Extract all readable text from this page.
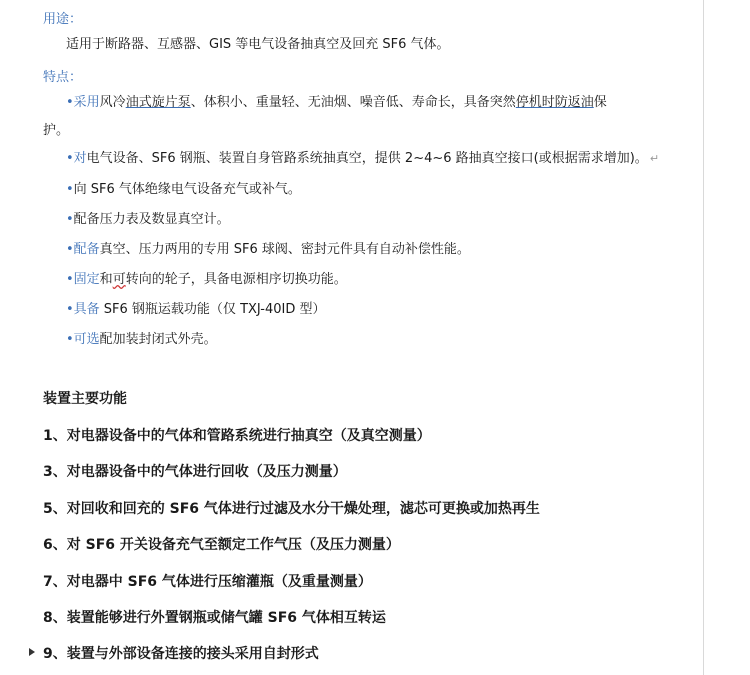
用途：
适用于断路器、互感器、GIS 等电气设备抽真空及回充 SF6 气体。
特点：
•采用风冷油式旋片泵、体积小、重量轻、无油烟、噪音低、寿命长，具备突然停机时防返油保
护。
•对电气设备、SF6 钢瓶、装置自身管路系统抽真空，提供 2~4~6 路抽真空接口(或根据需求增加)。 ↵
•向 SF6 气体绝缘电气设备充气或补气。
•配备压力表及数显真空计。
•配备真空、压力两用的专用 SF6 球阀、密封元件具有自动补偿性能。
•固定和可转向的轮子，具备电源相序切换功能。
•具备 SF6 钢瓶运载功能（仅 TXJ-40ID 型）
•可选配加装封闭式外壳。
装置主要功能
1、对电器设备中的气体和管路系统进行抽真空（及真空测量）
3、对电器设备中的气体进行回收（及压力测量）
5、对回收和回充的 SF6 气体进行过滤及水分干燥处理，滤芯可更换或加热再生
6、对 SF6 开关设备充气至额定工作气压（及压力测量）
7、对电器中 SF6 气体进行压缩灌瓶（及重量测量）
8、装置能够进行外置钢瓶或储气罐 SF6 气体相互转运
9、装置与外部设备连接的接头采用自封形式
